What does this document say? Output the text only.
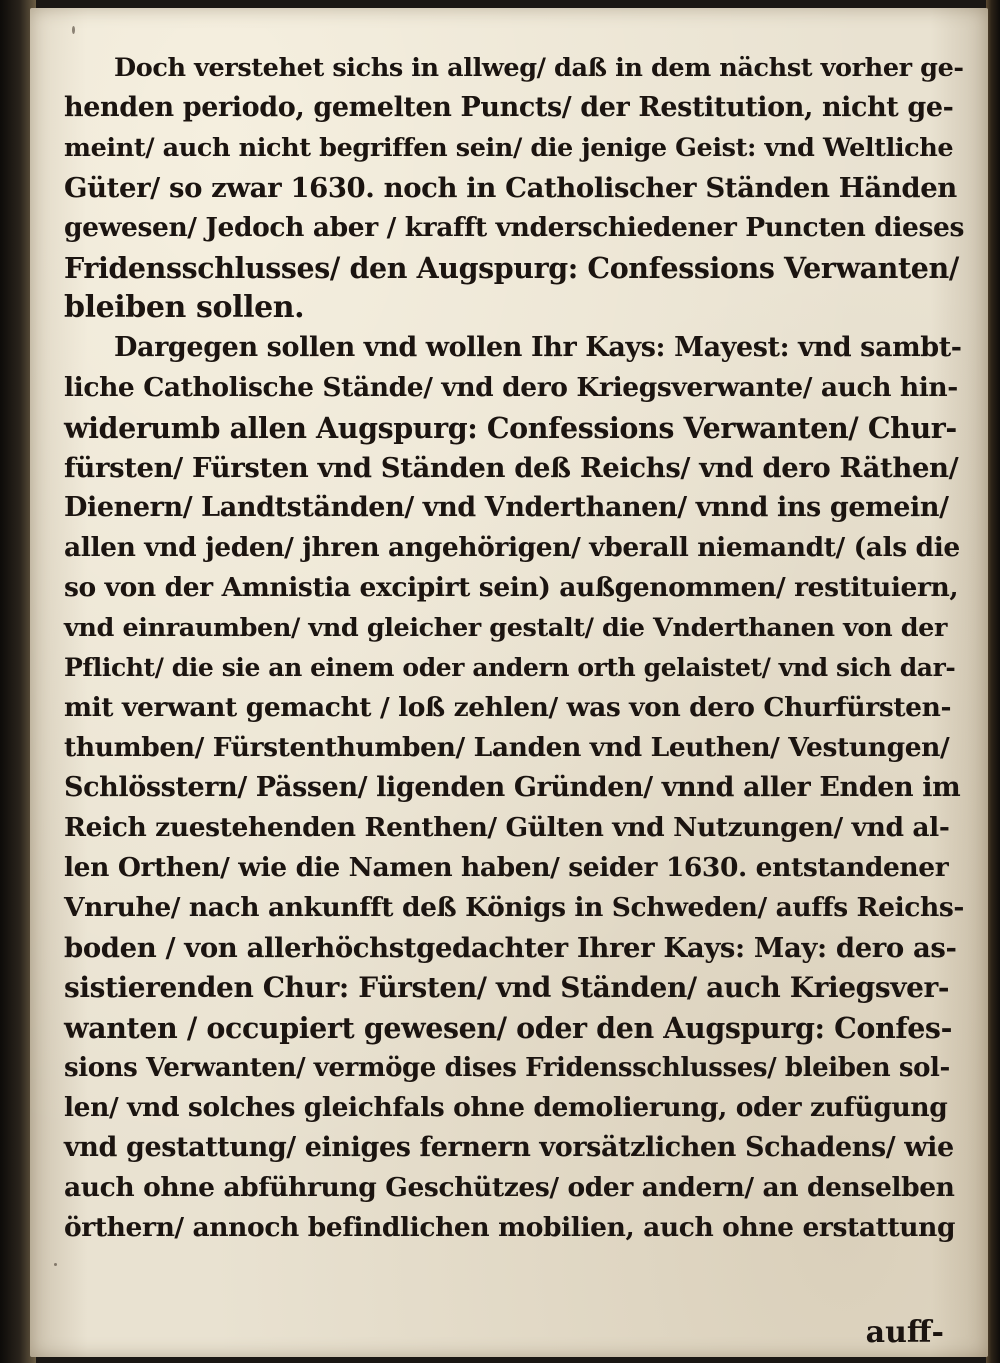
Doch verstehet sichs in allweg/ daß in dem nächst vorher ge-
henden periodo, gemelten Puncts/ der Restitution, nicht ge-
meint/ auch nicht begriffen sein/ die jenige Geist: vnd Weltliche
Güter/ so zwar 1630. noch in Catholischer Ständen Händen
gewesen/ Jedoch aber / krafft vnderschiedener Puncten dieses
Fridensschlusses/ den Augspurg: Confessions Verwanten/
bleiben sollen.
Dargegen sollen vnd wollen Ihr Kays: Mayest: vnd sambt-
liche Catholische Stände/ vnd dero Kriegsverwante/ auch hin-
widerumb allen Augspurg: Confessions Verwanten/ Chur-
fürsten/ Fürsten vnd Ständen deß Reichs/ vnd dero Räthen/
Dienern/ Landtständen/ vnd Vnderthanen/ vnnd ins gemein/
allen vnd jeden/ jhren angehörigen/ vberall niemandt/ (als die
so von der Amnistia excipirt sein) außgenommen/ restituiern,
vnd einraumben/ vnd gleicher gestalt/ die Vnderthanen von der
Pflicht/ die sie an einem oder andern orth gelaistet/ vnd sich dar-
mit verwant gemacht / loß zehlen/ was von dero Churfürsten-
thumben/ Fürstenthumben/ Landen vnd Leuthen/ Vestungen/
Schlösstern/ Pässen/ ligenden Gründen/ vnnd aller Enden im
Reich zuestehenden Renthen/ Gülten vnd Nutzungen/ vnd al-
len Orthen/ wie die Namen haben/ seider 1630. entstandener
Vnruhe/ nach ankunfft deß Königs in Schweden/ auffs Reichs-
boden / von allerhöchstgedachter Ihrer Kays: May: dero as-
sistierenden Chur: Fürsten/ vnd Ständen/ auch Kriegsver-
wanten / occupiert gewesen/ oder den Augspurg: Confes-
sions Verwanten/ vermöge dises Fridensschlusses/ bleiben sol-
len/ vnd solches gleichfals ohne demolierung, oder zufügung
vnd gestattung/ einiges fernern vorsätzlichen Schadens/ wie
auch ohne abführung Geschützes/ oder andern/ an denselben
örthern/ annoch befindlichen mobilien, auch ohne erstattung
auff-
